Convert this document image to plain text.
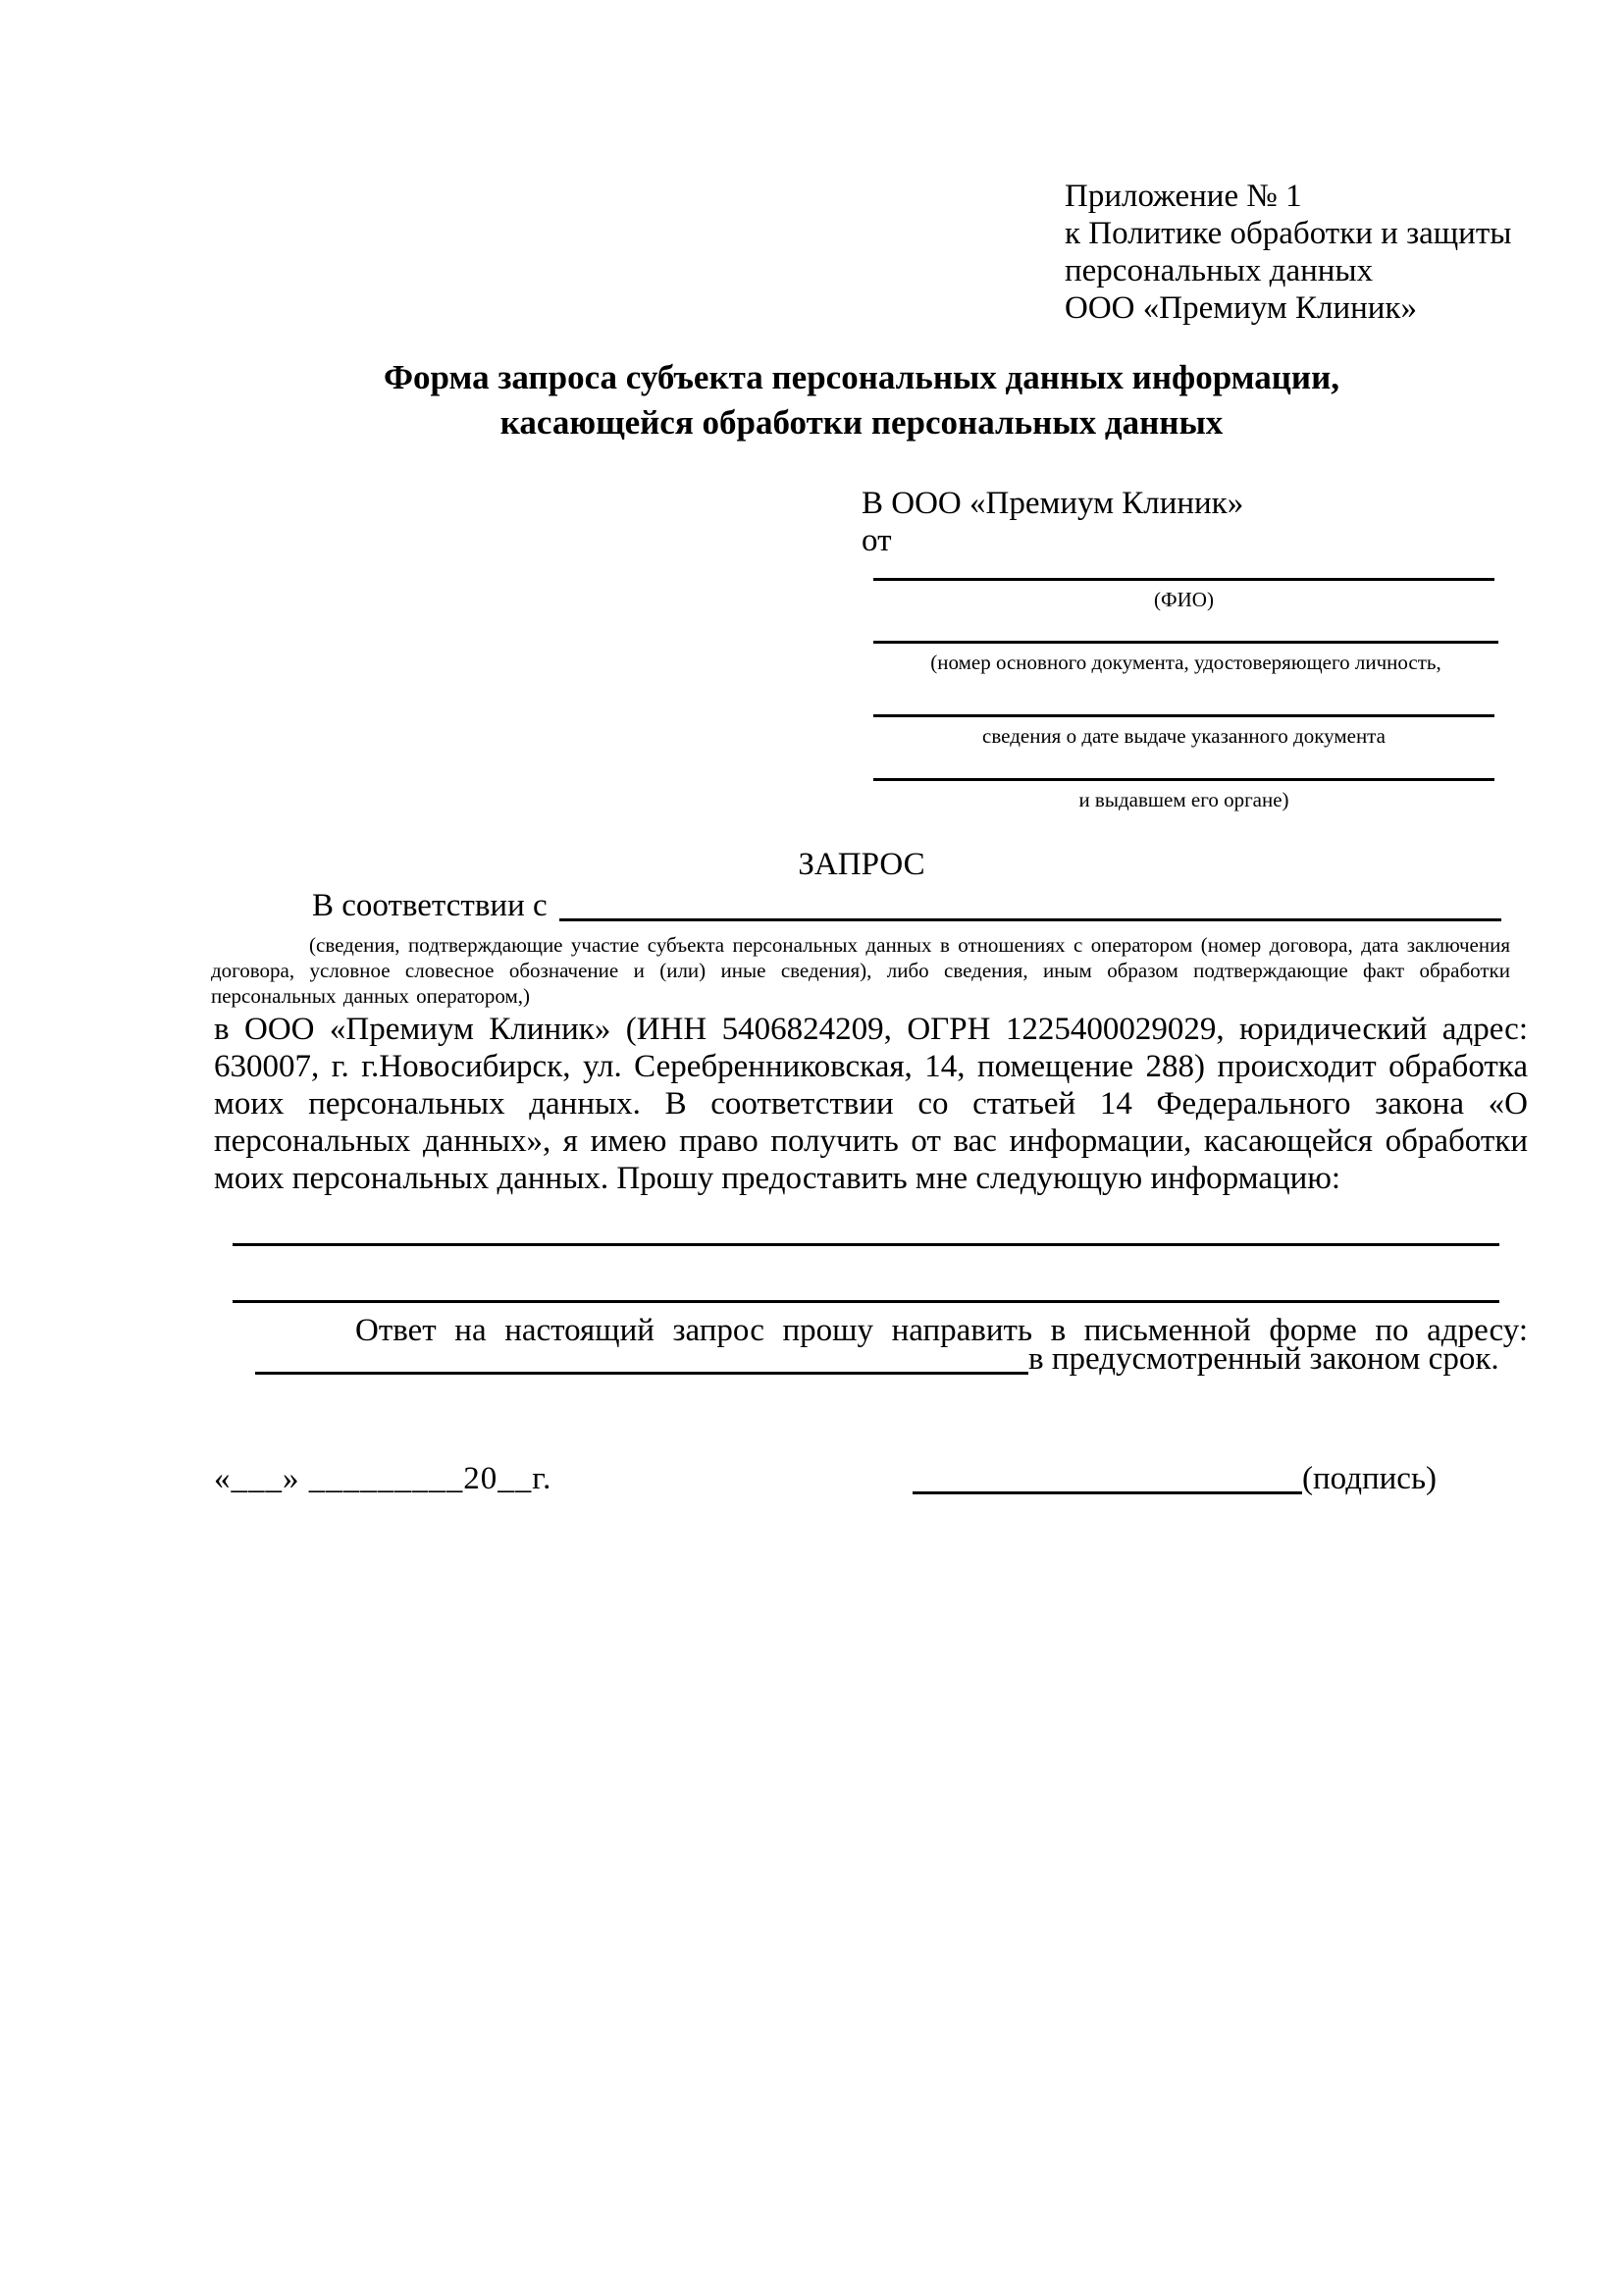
Приложение № 1
к Политике обработки и защиты
персональных данных
ООО «Премиум Клиник»
Форма запроса субъекта персональных данных информации,
касающейся обработки персональных данных
В ООО «Премиум Клиник»
от
(ФИО)
(номер основного документа, удостоверяющего личность,
сведения о дате выдаче указанного документа
и выдавшем его органе)
ЗАПРОС
В соответствии с

(сведения, подтверждающие участие субъекта персональных данных в отношениях с оператором (номер договора, дата заключения договора, условное словесное обозначение и (или) иные сведения), либо сведения, иным образом подтверждающие факт обработки персональных данных оператором,)

в ООО «Премиум Клиник» (ИНН 5406824209, ОГРН 1225400029029, юридический адрес: 630007, г. г.Новосибирск, ул. Серебренниковская, 14, помещение 288) происходит обработка моих персональных данных. В соответствии со статьей 14 Федерального закона «О персональных данных», я имею право получить от вас информации, касающейся обработки моих персональных данных. Прошу предоставить мне следующую информацию:

Ответ на настоящий запрос прошу направить в письменной форме по адресу:
в предусмотренный законом срок.
«___» _________20__г.	(подпись)
